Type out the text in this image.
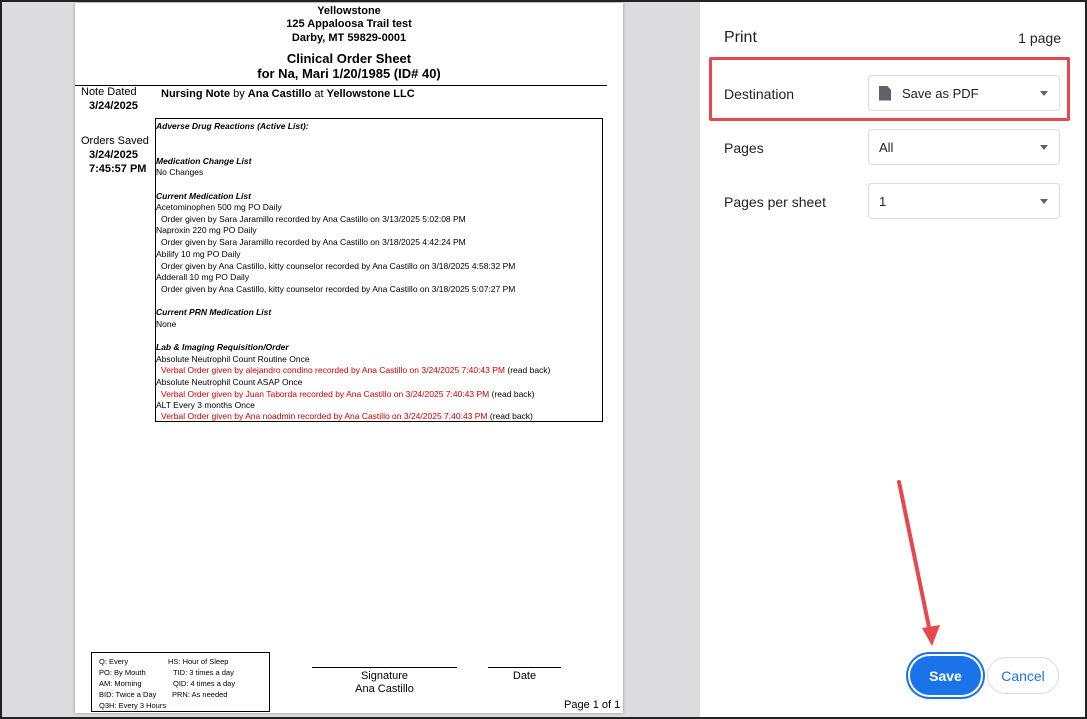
Yellowstone
125 Appaloosa Trail test
Darby, MT 59829-0001
Clinical Order Sheet
for Na, Mari 1/20/1985 (ID# 40)
Note Dated
3/24/2025
Nursing Note by Ana Castillo at Yellowstone LLC
Orders Saved
3/24/2025
7:45:57 PM
Adverse Drug Reactions (Active List):
Medication Change List
No Changes
Current Medication List
Acetominophen 500 mg PO Daily
Order given by Sara Jaramillo recorded by Ana Castillo on 3/13/2025 5:02:08 PM
Naproxin 220 mg PO Daily
Order given by Sara Jaramillo recorded by Ana Castillo on 3/18/2025 4:42:24 PM
Abilify 10 mg PO Daily
Order given by Ana Castillo, kitty counselor recorded by Ana Castillo on 3/18/2025 4:58:32 PM
Adderall 10 mg PO Daily
Order given by Ana Castillo, kitty counselor recorded by Ana Castillo on 3/18/2025 5:07:27 PM
Current PRN Medication List
None
Lab & Imaging Requisition/Order
Absolute Neutrophil Count Routine Once
Verbal Order given by alejandro condino recorded by Ana Castillo on 3/24/2025 7:40:43 PM (read back)
Absolute Neutrophil Count ASAP Once
Verbal Order given by Juan Taborda recorded by Ana Castillo on 3/24/2025 7:40:43 PM (read back)
ALT Every 3 months Once
Verbal Order given by Ana noadmin recorded by Ana Castillo on 3/24/2025 7:40:43 PM (read back)
Q: Every
PO: By Mouth
AM: Morning
BID: Twice a Day
Q3H: Every 3 Hours
HS: Hour of Sleep
TID: 3 times a day
QID: 4 times a day
PRN: As needed
Signature
Ana Castillo
Date
Page 1 of 1
Print	1 page
Destination	Save as PDF
Pages	All
Pages per sheet	1
Save	Cancel
